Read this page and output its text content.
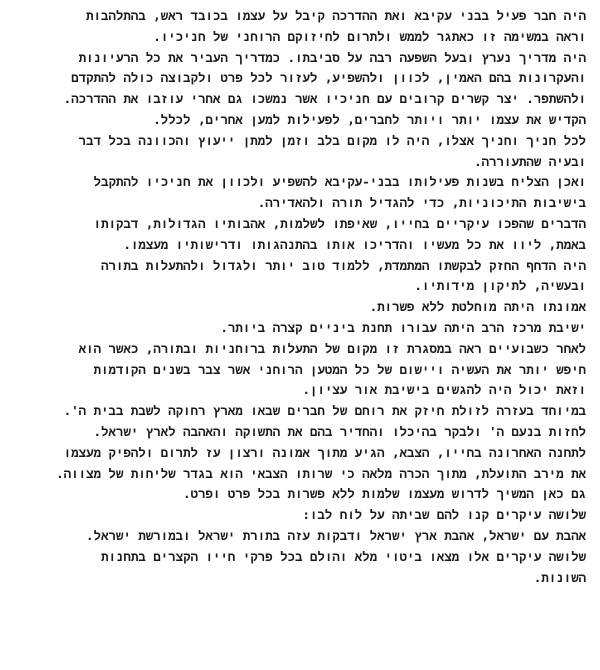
היה חבר פעיל בבני עקיבא ואת ההדרכה קיבל על עצמו בכובד ראש, בהתלהבות
וראה במשימה זו כאתגר לממש ולתרום לחיזוקם הרוחני של חניכיו.
היה מדריך נערץ ובעל השפעה רבה על סביבתו. כמדריך העביר את כל הרעיונות
והעקרונות בהם האמין, לכוון ולהשפיע, לעזור לכל פרט ולקבוצה כולה להתקדם
ולהשתפר. יצר קשרים קרובים עם חניכיו אשר נמשכו גם אחרי עוזבו את ההדרכה.
הקדיש את עצמו יותר ויותר לחברים, לפעילות למען אחרים, לכלל.
לכל חניך וחניך אצלו, היה לו מקום בלב וזמן למתן ייעוץ והכוונה בכל דבר
ובעיה שהתעוררה.
ואכן הצליח בשנות פעילותו בבני-עקיבא להשפיע ולכוון את חניכיו להתקבל
בישיבות התיכוניות, כדי להגדיל תורה ולהאדירה.
הדברים שהפכו עיקריים בחייו, שאיפתו לשלמות, אהבותיו הגדולות, דבקותו
באמת, ליוו את כל מעשיו והדריכו אותו בהתנהגותו ודרישותיו מעצמו.
היה הדחף החזק לבקשתו המתמדת, ללמוד טוב יותר ולגדול ולהתעלות בתורה
ובעשיה, לתיקון מידותיו.
אמונתו היתה מוחלטת ללא פשרות.
ישיבת מרכז הרב היתה עבורו תחנת ביניים קצרה ביותר.
לאחר כשבועיים ראה במסגרת זו מקום של התעלות ברוחניות ובתורה, כאשר הוא
חיפש יותר את העשיה ויישום של כל המטען הרוחני אשר צבר בשנים הקודמות
וזאת יכול היה להגשים בישיבת אור עציון.
במיוחד בעזרה לזולת חיזק את רוחם של חברים שבאו מארץ רחוקה לשבת בבית ה'.
לחזות בנעם ה' ולבקר בהיכלו והחדיר בהם את התשוקה והאהבה לארץ ישראל.
לתחנה האחרונה בחייו, הצבא, הגיע מתוך אמונה ורצון עז לתרום ולהפיק מעצמו
את מירב התועלת, מתוך הכרה מלאה כי שרותו הצבאי הוא בגדר שליחות של מצווה.
גם כאן המשיך לדרוש מעצמו שלמות ללא פשרות בכל פרט ופרט.
שלושה עיקרים קנו להם שביתה על לוח לבו:
אהבת עם ישראל, אהבת ארץ ישראל ודבקות עזה בתורת ישראל ובמורשת ישראל.
שלושה עיקרים אלו מצאו ביטוי מלא והולם בכל פרקי חייו הקצרים בתחנות
השונות.
